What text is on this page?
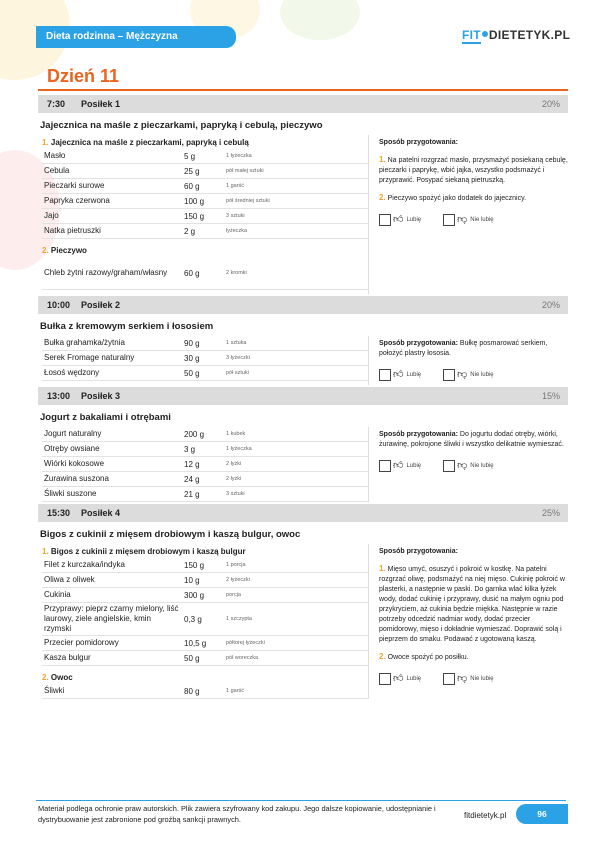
Dieta rodzinna – Mężczyzna	FIT DIETETYK.PL
Dzień 11
7:30 Posiłek 1	20%
Jajecznica na maśle z pieczarkami, papryką i cebulą, pieczywo
1. Jajecznica na maśle z pieczarkami, papryką i cebulą
Masło	5 g	1 łyżeczka
Cebula	25 g	pół małej sztuki
Pieczarki surowe	60 g	1 garść
Papryka czerwona	100 g	pół średniej sztuki
Jajo	150 g	3 sztuki
Natka pietruszki	2 g	łyżeczka
2. Pieczywo
Chleb żytni razowy/graham/własny	60 g	2 kromki
Sposób przygotowania:
1. Na patelni rozgrzać masło, przysmażyć posiekaną cebulę, pieczarki i paprykę, wbić jajka, wszystko podsmażyć i przyprawić. Posypać siekaną pietruszką.
2. Pieczywo spożyć jako dodatek do jajecznicy.
👍︎ Lubię	👎︎ Nie lubię
10:00 Posiłek 2	20%
Bułka z kremowym serkiem i łososiem
Bułka grahamka/żytnia	90 g	1 sztuka
Serek Fromage naturalny	30 g	3 łyżeczki
Łosoś wędzony	50 g	pół sztuki
Sposób przygotowania: Bułkę posmarować serkiem, położyć plastry łososia.
👍︎ Lubię	👎︎ Nie lubię
13:00 Posiłek 3	15%
Jogurt z bakaliami i otrębami
Jogurt naturalny	200 g	1 kubek
Otręby owsiane	3 g	1 łyżeczka
Wiórki kokosowe	12 g	2 łyżki
Żurawina suszona	24 g	2 łyżki
Śliwki suszone	21 g	3 sztuki
Sposób przygotowania: Do jogurtu dodać otręby, wiórki, żurawinę, pokrojone śliwki i wszystko delikatnie wymieszać.
👍︎ Lubię	👎︎ Nie lubię
15:30 Posiłek 4	25%
Bigos z cukinii z mięsem drobiowym i kaszą bulgur, owoc
1. Bigos z cukinii z mięsem drobiowym i kaszą bulgur
Filet z kurczaka/indyka	150 g	1 porcja
Oliwa z oliwek	10 g	2 łyżeczki
Cukinia	300 g	porcja
Przyprawy: pieprz czarny mielony, liść laurowy, ziele angielskie, kmin rzymski	0,3 g	1 szczypta
Przecier pomidorowy	10,5 g	półtorej łyżeczki
Kasza bulgur	50 g	pół woreczka
2. Owoc
Śliwki	80 g	1 garść
Sposób przygotowania:
1. Mięso umyć, osuszyć i pokroić w kostkę. Na patelni rozgrzać oliwę, podsmażyć na niej mięso. Cukinię pokroić w plasterki, a następnie w paski. Do garnka wlać kilka łyżek wody, dodać cukinię i przyprawy, dusić na małym ogniu pod przykryciem, aż cukinia będzie miękka. Następnie w razie potrzeby odcedzić nadmiar wody, dodać przecier pomidorowy, mięso i dokładnie wymieszać. Doprawić solą i pieprzem do smaku. Podawać z ugotowaną kaszą.
2. Owoce spożyć po posiłku.
👍︎ Lubię	👎︎ Nie lubię
Materiał podlega ochronie praw autorskich. Plik zawiera szyfrowany kod zakupu. Jego dalsze kopiowanie, udostępnianie i dystrybuowanie jest zabronione pod groźbą sankcji prawnych.	fitdietetyk.pl	96
